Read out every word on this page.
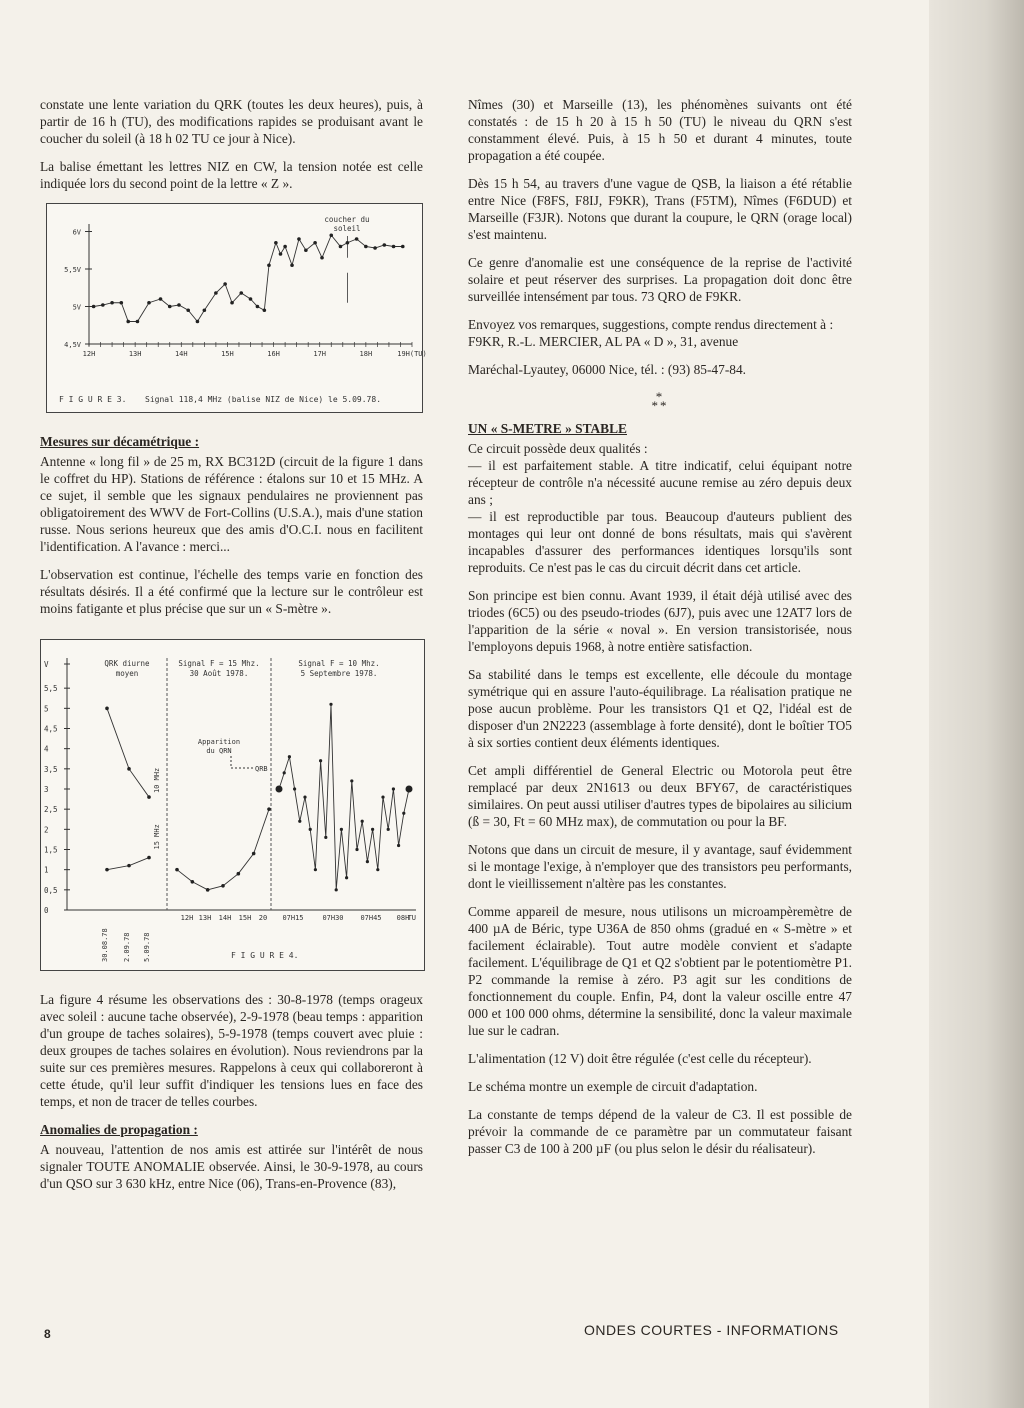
constate une lente variation du QRK (toutes les deux heures), puis, à partir de 16 h (TU), des modifications rapides se produisant avant le coucher du soleil (à 18 h 02 TU ce jour à Nice).

La balise émettant les lettres NIZ en CW, la tension notée est celle indiquée lors du second point de la lettre « Z ».

6V
5,5V
5V
4,5V
12H	13H	14H	15H	16H	17H	18H	19H(TU)
coucher du
soleil
F I G U R E 3. Signal 118,4 MHz (balise NIZ de Nice) le 5.09.78.
Mesures sur décamétrique :

Antenne « long fil » de 25 m, RX BC312D (circuit de la figure 1 dans le coffret du HP). Stations de référence : étalons sur 10 et 15 MHz. A ce sujet, il semble que les signaux pendulaires ne proviennent pas obligatoirement des WWV de Fort-Collins (U.S.A.), mais d'une station russe. Nous serions heureux que des amis d'O.C.I. nous en facilitent l'identification. A l'avance : merci...

L'observation est continue, l'échelle des temps varie en fonction des résultats désirés. Il a été confirmé que la lecture sur le contrôleur est moins fatigante et plus précise que sur un « S-mètre ».

V
5,5
5
4,5
4
3,5
3
2,5
2
1,5
1
0,5
0
QRK diurne
moyen
30.08.78 2.09.78 5.09.78
Signal F = 15 Mhz.
30 Août 1978.
Apparition
du QRN
QRB
12H 13H 14H 15H 20
Signal F = 10 Mhz.
5 Septembre 1978.
07H15	07H30 07H45 08H
TU
F I G U R E 4.
10 MHz
15 MHz

La figure 4 résume les observations des : 30-8-1978 (temps orageux avec soleil : aucune tache observée), 2-9-1978 (beau temps : apparition d'un groupe de taches solaires), 5-9-1978 (temps couvert avec pluie : deux groupes de taches solaires en évolution). Nous reviendrons par la suite sur ces premières mesures. Rappelons à ceux qui collaboreront à cette étude, qu'il leur suffit d'indiquer les tensions lues en face des temps, et non de tracer de telles courbes.

Anomalies de propagation :

A nouveau, l'attention de nos amis est attirée sur l'intérêt de nous signaler TOUTE ANOMALIE observée. Ainsi, le 30-9-1978, au cours d'un QSO sur 3 630 kHz, entre Nice (06), Trans-en-Provence (83),

Nîmes (30) et Marseille (13), les phénomènes suivants ont été constatés : de 15 h 20 à 15 h 50 (TU) le niveau du QRN s'est constamment élevé. Puis, à 15 h 50 et durant 4 minutes, toute propagation a été coupée.

Dès 15 h 54, au travers d'une vague de QSB, la liaison a été rétablie entre Nice (F8FS, F8IJ, F9KR), Trans (F5TM), Nîmes (F6DUD) et Marseille (F3JR). Notons que durant la coupure, le QRN (orage local) s'est maintenu.

Ce genre d'anomalie est une conséquence de la reprise de l'activité solaire et peut réserver des surprises. La propagation doit donc être surveillée intensément par tous. 73 QRO de F9KR.

Envoyez vos remarques, suggestions, compte rendus directement à :

F9KR, R.-L. MERCIER, AL PA « D », 31, avenue

Maréchal-Lyautey, 06000 Nice, tél. : (93) 85-47-84.

*
**
UN « S-METRE » STABLE

Ce circuit possède deux qualités :

— il est parfaitement stable. A titre indicatif, celui équipant notre récepteur de contrôle n'a nécessité aucune remise au zéro depuis deux ans ;

— il est reproductible par tous. Beaucoup d'auteurs publient des montages qui leur ont donné de bons résultats, mais qui s'avèrent incapables d'assurer des performances identiques lorsqu'ils sont reproduits. Ce n'est pas le cas du circuit décrit dans cet article.

Son principe est bien connu. Avant 1939, il était déjà utilisé avec des triodes (6C5) ou des pseudo-triodes (6J7), puis avec une 12AT7 lors de l'apparition de la série « noval ». En version transistorisée, nous l'employons depuis 1968, à notre entière satisfaction.

Sa stabilité dans le temps est excellente, elle découle du montage symétrique qui en assure l'auto-équilibrage. La réalisation pratique ne pose aucun problème. Pour les transistors Q1 et Q2, l'idéal est de disposer d'un 2N2223 (assemblage à forte densité), dont le boîtier TO5 à six sorties contient deux éléments identiques.

Cet ampli différentiel de General Electric ou Motorola peut être remplacé par deux 2N1613 ou deux BFY67, de caractéristiques similaires. On peut aussi utiliser d'autres types de bipolaires au silicium (ß = 30, Ft = 60 MHz max), de commutation ou pour la BF.

Notons que dans un circuit de mesure, il y avantage, sauf évidemment si le montage l'exige, à n'employer que des transistors peu performants, dont le vieillissement n'altère pas les constantes.

Comme appareil de mesure, nous utilisons un microampèremètre de 400 µA de Béric, type U36A de 850 ohms (gradué en « S-mètre » et facilement éclairable). Tout autre modèle convient et s'adapte facilement. L'équilibrage de Q1 et Q2 s'obtient par le potentiomètre P1. P2 commande la remise à zéro. P3 agit sur les conditions de fonctionnement du couple. Enfin, P4, dont la valeur oscille entre 47 000 et 100 000 ohms, détermine la sensibilité, donc la valeur maximale lue sur le cadran.

L'alimentation (12 V) doit être régulée (c'est celle du récepteur).

Le schéma montre un exemple de circuit d'adaptation.

La constante de temps dépend de la valeur de C3. Il est possible de prévoir la commande de ce paramètre par un commutateur faisant passer C3 de 100 à 200 µF (ou plus selon le désir du réalisateur).

8	ONDES COURTES - INFORMATIONS
